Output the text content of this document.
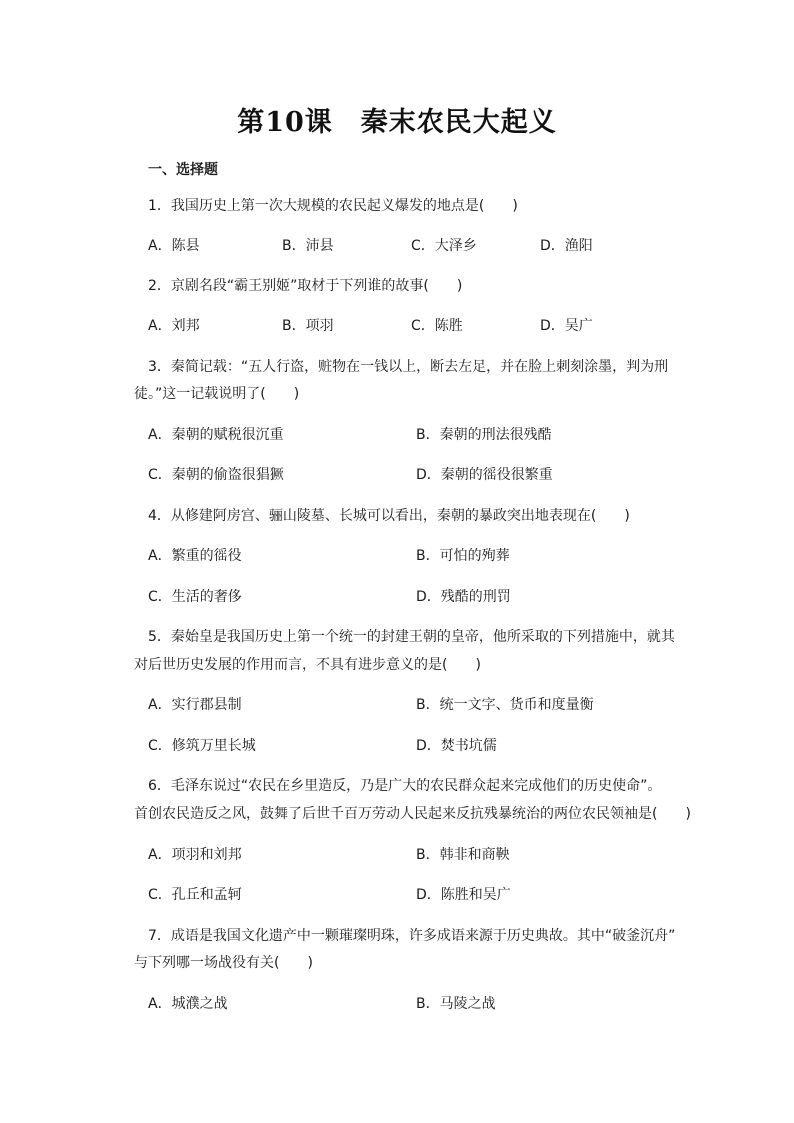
第10课　秦末农民大起义
一、选择题
1．我国历史上第一次大规模的农民起义爆发的地点是(　　)
A．陈县	B．沛县	C．大泽乡	D．渔阳
2．京剧名段“霸王别姬”取材于下列谁的故事(　　)
A．刘邦	B．项羽	C．陈胜	D．吴广
3．秦简记载：“五人行盗，赃物在一钱以上，断去左足，并在脸上刺刻涂墨，判为刑
徒。”这一记载说明了(　　)
A．秦朝的赋税很沉重	B．秦朝的刑法很残酷
C．秦朝的偷盗很猖獗	D．秦朝的徭役很繁重
4．从修建阿房宫、骊山陵墓、长城可以看出，秦朝的暴政突出地表现在(　　)
A．繁重的徭役	B．可怕的殉葬
C．生活的奢侈	D．残酷的刑罚
5．秦始皇是我国历史上第一个统一的封建王朝的皇帝，他所采取的下列措施中，就其
对后世历史发展的作用而言，不具有进步意义的是(　　)
A．实行郡县制	B．统一文字、货币和度量衡
C．修筑万里长城	D．焚书坑儒
6．毛泽东说过“农民在乡里造反，乃是广大的农民群众起来完成他们的历史使命”。
首创农民造反之风，鼓舞了后世千百万劳动人民起来反抗残暴统治的两位农民领袖是(　　)
A．项羽和刘邦	B．韩非和商鞅
C．孔丘和孟轲	D．陈胜和吴广
7．成语是我国文化遗产中一颗璀璨明珠，许多成语来源于历史典故。其中“破釜沉舟”
与下列哪一场战役有关(　　)
A．城濮之战	B．马陵之战
